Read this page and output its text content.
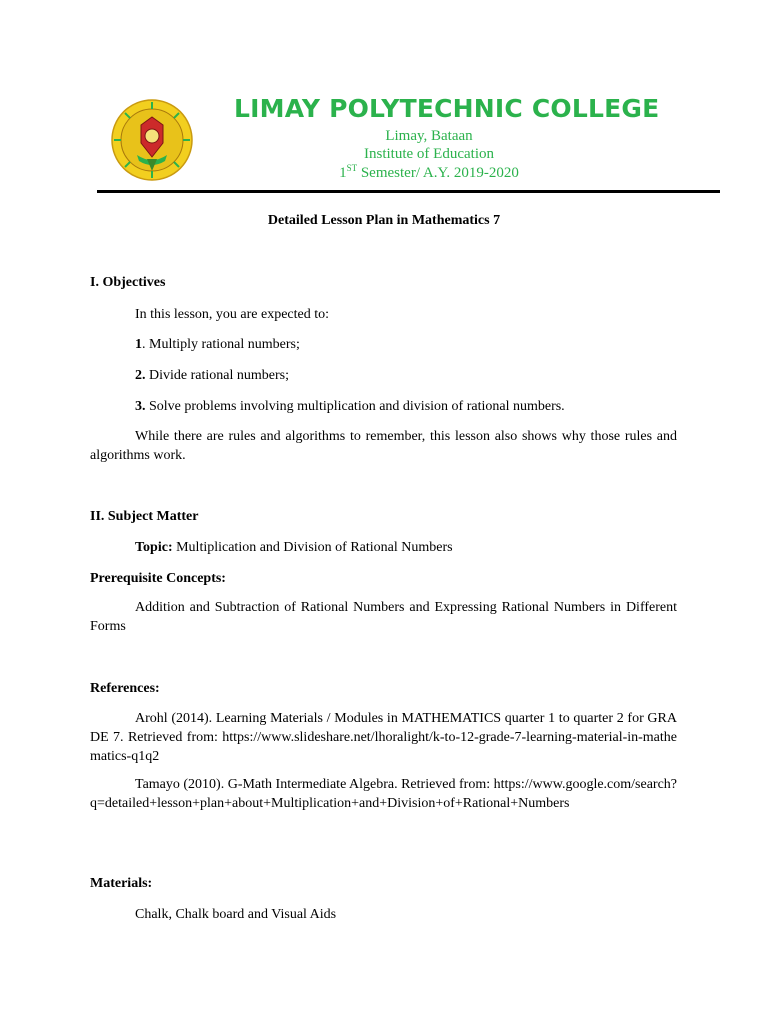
LIMAY POLYTECHNIC COLLEGE
Limay, Bataan
Institute of Education
1ST Semester/ A.Y. 2019-2020
Detailed Lesson Plan in Mathematics 7
I. Objectives
In this lesson, you are expected to:
1. Multiply rational numbers;
2. Divide rational numbers;
3. Solve problems involving multiplication and division of rational numbers.
While there are rules and algorithms to remember, this lesson also shows why those rules and algorithms work.
II. Subject Matter
Topic: Multiplication and Division of Rational Numbers
Prerequisite Concepts:
Addition and Subtraction of Rational Numbers and Expressing Rational Numbers in Different Forms
References:
Arohl (2014). Learning Materials / Modules in MATHEMATICS quarter 1 to quarter 2 for GRADE 7. Retrieved from: https://www.slideshare.net/lhoralight/k-to-12-grade-7-learning-material-in-mathematics-q1q2
Tamayo (2010). G-Math Intermediate Algebra. Retrieved from: https://www.google.com/search?q=detailed+lesson+plan+about+Multiplication+and+Division+of+Rational+Numbers
Materials:
Chalk, Chalk board and Visual Aids
